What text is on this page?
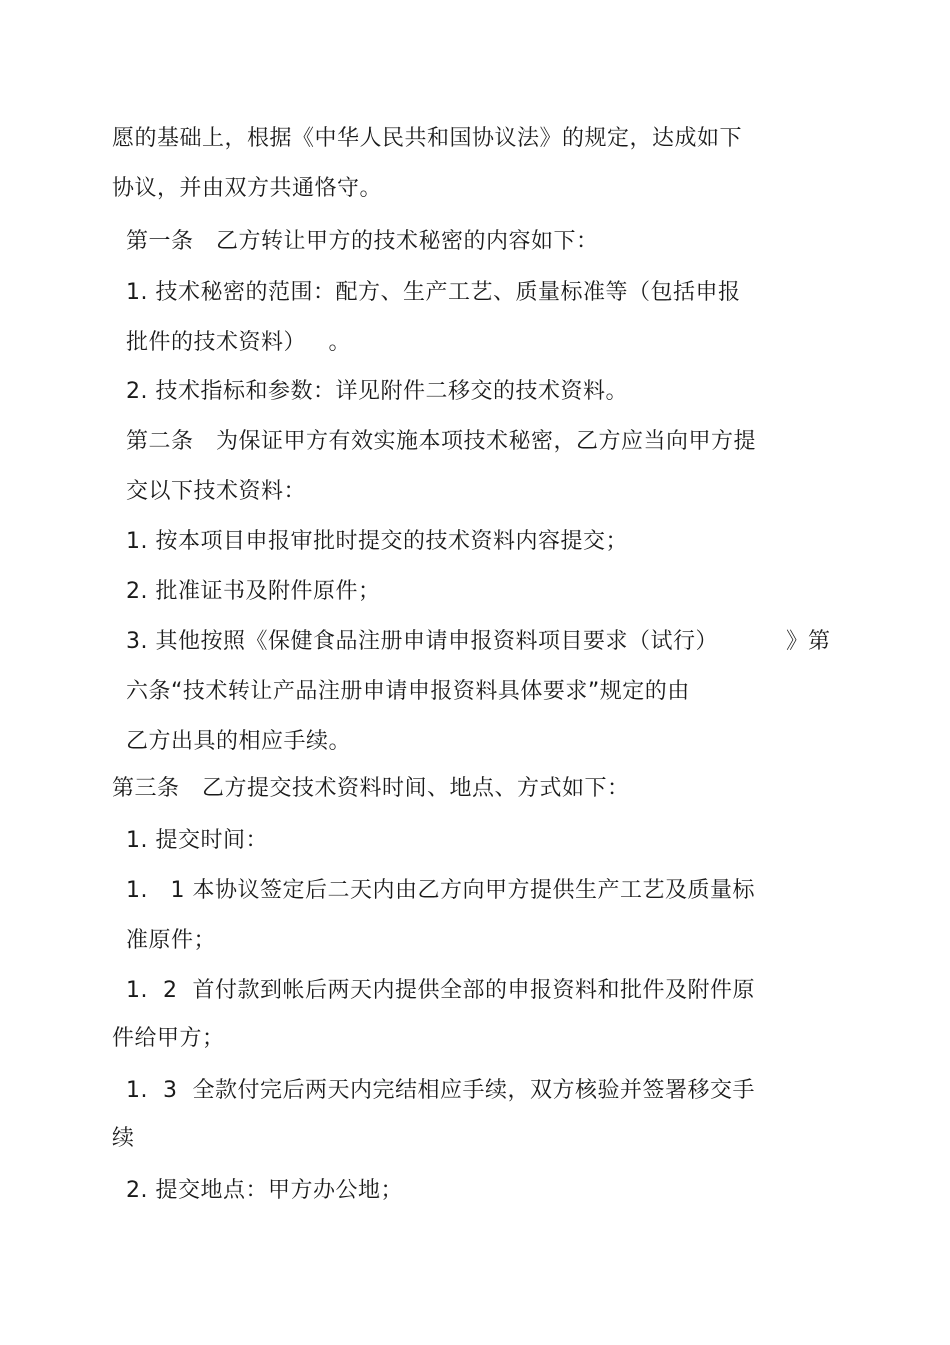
愿的基础上，根据《中华人民共和国协议法》的规定，达成如下
协议，并由双方共通恪守。
第一条   乙方转让甲方的技术秘密的内容如下：
1. 技术秘密的范围：配方、生产工艺、质量标准等（包括申报
批件的技术资料）   。
2. 技术指标和参数：详见附件二移交的技术资料。
第二条   为保证甲方有效实施本项技术秘密，乙方应当向甲方提
交以下技术资料：
1. 按本项目申报审批时提交的技术资料内容提交；
2. 批准证书及附件原件；
3. 其他按照《保健食品注册申请申报资料项目要求（试行）	》第
六条“技术转让产品注册申请申报资料具体要求”规定的由
乙方出具的相应手续。
第三条   乙方提交技术资料时间、地点、方式如下：
1. 提交时间：
1.   1 本协议签定后二天内由乙方向甲方提供生产工艺及质量标
准原件；
1.  2  首付款到帐后两天内提供全部的申报资料和批件及附件原
件给甲方；
1.  3  全款付完后两天内完结相应手续，双方核验并签署移交手
续
2. 提交地点：甲方办公地；
